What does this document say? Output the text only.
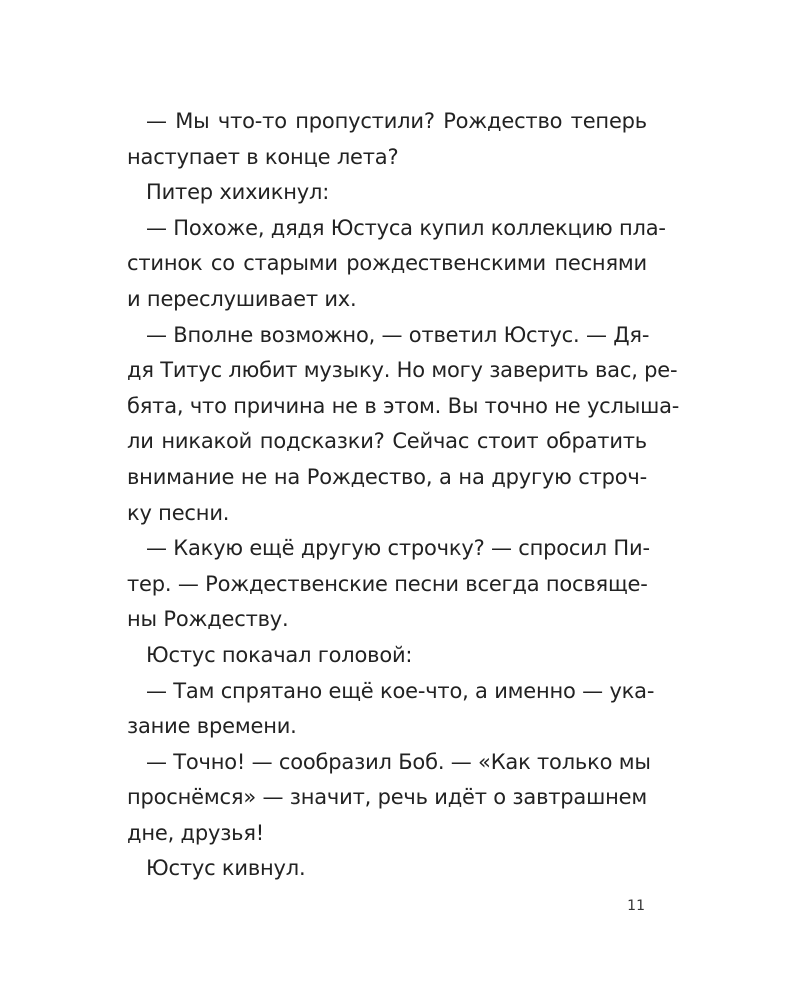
— Мы что-то пропустили? Рождество теперь
наступает в конце лета?
Питер хихикнул:
— Похоже, дядя Юстуса купил коллекцию пла-
стинок со старыми рождественскими песнями
и переслушивает их.
— Вполне возможно, — ответил Юстус. — Дя-
дя Титус любит музыку. Но могу заверить вас, ре-
бята, что причина не в этом. Вы точно не услыша-
ли никакой подсказки? Сейчас стоит обратить
внимание не на Рождество, а на другую строч-
ку песни.
— Какую ещё другую строчку? — спросил Пи-
тер. — Рождественские песни всегда посвяще-
ны Рождеству.
Юстус покачал головой:
— Там спрятано ещё кое-что, а именно — ука-
зание времени.
— Точно! — сообразил Боб. — «Как только мы
проснёмся» — значит, речь идёт о завтрашнем
дне, друзья!
Юстус кивнул.
11
